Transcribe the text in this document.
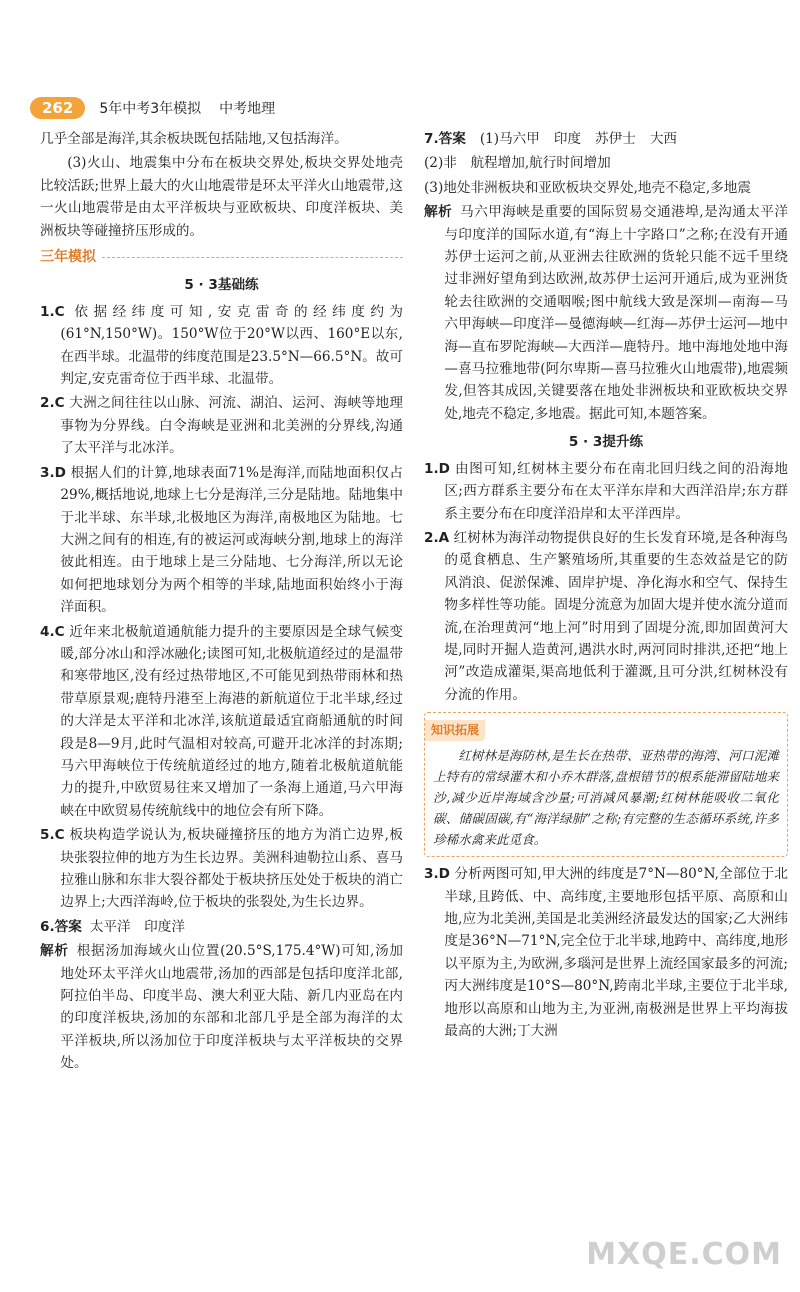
262	5年中考3年模拟 中考地理

几乎全部是海洋,其余板块既包括陆地,又包括海洋。

(3)火山、地震集中分布在板块交界处,板块交界处地壳比较活跃;世界上最大的火山地震带是环太平洋火山地震带,这一火山地震带是由太平洋板块与亚欧板块、印度洋板块、美洲板块等碰撞挤压形成的。

三年模拟
5 · 3基础练

1.C 依据经纬度可知,安克雷奇的经纬度约为(61°N,150°W)。150°W位于20°W以西、160°E以东,在西半球。北温带的纬度范围是23.5°N—66.5°N。故可判定,安克雷奇位于西半球、北温带。

2.C 大洲之间往往以山脉、河流、湖泊、运河、海峡等地理事物为分界线。白令海峡是亚洲和北美洲的分界线,沟通了太平洋与北冰洋。

3.D 根据人们的计算,地球表面71%是海洋,而陆地面积仅占29%,概括地说,地球上七分是海洋,三分是陆地。陆地集中于北半球、东半球,北极地区为海洋,南极地区为陆地。七大洲之间有的相连,有的被运河或海峡分割,地球上的海洋彼此相连。由于地球上是三分陆地、七分海洋,所以无论如何把地球划分为两个相等的半球,陆地面积始终小于海洋面积。

4.C 近年来北极航道通航能力提升的主要原因是全球气候变暖,部分冰山和浮冰融化;读图可知,北极航道经过的是温带和寒带地区,没有经过热带地区,不可能见到热带雨林和热带草原景观;鹿特丹港至上海港的新航道位于北半球,经过的大洋是太平洋和北冰洋,该航道最适宜商船通航的时间段是8—9月,此时气温相对较高,可避开北冰洋的封冻期;马六甲海峡位于传统航道经过的地方,随着北极航道航能力的提升,中欧贸易往来又增加了一条海上通道,马六甲海峡在中欧贸易传统航线中的地位会有所下降。

5.C 板块构造学说认为,板块碰撞挤压的地方为消亡边界,板块张裂拉伸的地方为生长边界。美洲科迪勒拉山系、喜马拉雅山脉和东非大裂谷都处于板块挤压处处于板块的消亡边界上;大西洋海岭,位于板块的张裂处,为生长边界。

6.答案 太平洋　印度洋

解析 根据汤加海域火山位置(20.5°S,175.4°W)可知,汤加地处环太平洋火山地震带,汤加的西部是包括印度洋北部,阿拉伯半岛、印度半岛、澳大利亚大陆、新几内亚岛在内的印度洋板块,汤加的东部和北部几乎是全部为海洋的太平洋板块,所以汤加位于印度洋板块与太平洋板块的交界处。

7.答案 (1)马六甲 印度 苏伊士 大西

(2)非　航程增加,航行时间增加

(3)地处非洲板块和亚欧板块交界处,地壳不稳定,多地震

解析 马六甲海峡是重要的国际贸易交通港埠,是沟通太平洋与印度洋的国际水道,有“海上十字路口”之称;在没有开通苏伊士运河之前,从亚洲去往欧洲的货轮只能不远千里绕过非洲好望角到达欧洲,故苏伊士运河开通后,成为亚洲货轮去往欧洲的交通咽喉;图中航线大致是深圳—南海—马六甲海峡—印度洋—曼德海峡—红海—苏伊士运河—地中海—直布罗陀海峡—大西洋—鹿特丹。地中海地处地中海—喜马拉雅地带(阿尔卑斯—喜马拉雅火山地震带),地震频发,但答其成因,关键要落在地处非洲板块和亚欧板块交界处,地壳不稳定,多地震。据此可知,本题答案。

5 · 3提升练

1.D 由图可知,红树林主要分布在南北回归线之间的沿海地区;西方群系主要分布在太平洋东岸和大西洋沿岸;东方群系主要分布在印度洋沿岸和太平洋西岸。

2.A 红树林为海洋动物提供良好的生长发育环境,是各种海鸟的觅食栖息、生产繁殖场所,其重要的生态效益是它的防风消浪、促淤保滩、固岸护堤、净化海水和空气、保持生物多样性等功能。固堤分流意为加固大堤并使水流分道而流,在治理黄河“地上河”时用到了固堤分流,即加固黄河大堤,同时开掘人造黄河,遇洪水时,两河同时排洪,还把“地上河”改造成灌渠,渠高地低利于灌溉,且可分洪,红树林没有分流的作用。

知识拓展
红树林是海防林,是生长在热带、亚热带的海湾、河口泥滩上特有的常绿灌木和小乔木群落,盘根错节的根系能滞留陆地来沙,减少近岸海域含沙量;可消减风暴潮;红树林能吸收二氧化碳、储碳固碳,有“海洋绿肺”之称;有完整的生态循环系统,许多珍稀水禽来此觅食。

3.D 分析两图可知,甲大洲的纬度是7°N—80°N,全部位于北半球,且跨低、中、高纬度,主要地形包括平原、高原和山地,应为北美洲,美国是北美洲经济最发达的国家;乙大洲纬度是36°N—71°N,完全位于北半球,地跨中、高纬度,地形以平原为主,为欧洲,多瑙河是世界上流经国家最多的河流;丙大洲纬度是10°S—80°N,跨南北半球,主要位于北半球,地形以高原和山地为主,为亚洲,南极洲是世界上平均海拔最高的大洲;丁大洲

MXQE.COM
